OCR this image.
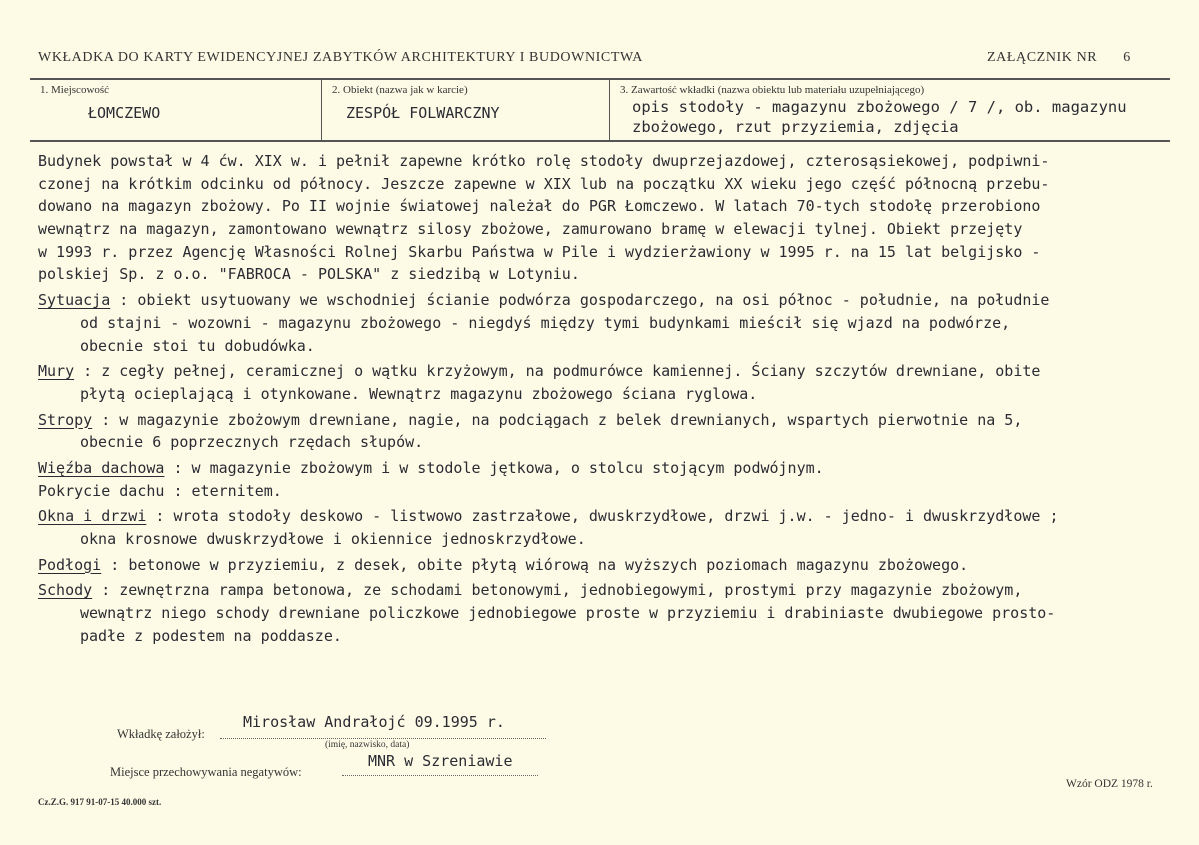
WKŁADKA DO KARTY EWIDENCYJNEJ ZABYTKÓW ARCHITEKTURY I BUDOWNICTWA	ZAŁĄCZNIK NR 6
1. Miejscowość
ŁOMCZEWO
2. Obiekt (nazwa jak w karcie)
ZESPÓŁ FOLWARCZNY
3. Zawartość wkładki (nazwa obiektu lub materiału uzupełniającego)
opis stodoły - magazynu zbożowego / 7 /, ob. magazynu
zbożowego, rzut przyziemia, zdjęcia
Budynek powstał w 4 ćw. XIX w. i pełnił zapewne krótko rolę stodoły dwuprzejazdowej, czterosąsiekowej, podpiwni-
czonej na krótkim odcinku od północy. Jeszcze zapewne w XIX lub na początku XX wieku jego część północną przebu-
dowano na magazyn zbożowy. Po II wojnie światowej należał do PGR Łomczewo. W latach 70-tych stodołę przerobiono
wewnątrz na magazyn, zamontowano wewnątrz silosy zbożowe, zamurowano bramę w elewacji tylnej. Obiekt przejęty
w 1993 r. przez Agencję Własności Rolnej Skarbu Państwa w Pile i wydzierżawiony w 1995 r. na 15 lat belgijsko -
polskiej Sp. z o.o. "FABROCA - POLSKA" z siedzibą w Lotyniu.
Sytuacja : obiekt usytuowany we wschodniej ścianie podwórza gospodarczego, na osi północ - południe, na południe
od stajni - wozowni - magazynu zbożowego - niegdyś między tymi budynkami mieścił się wjazd na podwórze,
obecnie stoi tu dobudówka.
Mury : z cegły pełnej, ceramicznej o wątku krzyżowym, na podmurówce kamiennej. Ściany szczytów drewniane, obite
płytą ocieplającą i otynkowane. Wewnątrz magazynu zbożowego ściana ryglowa.
Stropy : w magazynie zbożowym drewniane, nagie, na podciągach z belek drewnianych, wspartych pierwotnie na 5,
obecnie 6 poprzecznych rzędach słupów.
Więźba dachowa : w magazynie zbożowym i w stodole jętkowa, o stolcu stojącym podwójnym.
Pokrycie dachu : eternitem.
Okna i drzwi : wrota stodoły deskowo - listwowo zastrzałowe, dwuskrzydłowe, drzwi j.w. - jedno- i dwuskrzydłowe ;
okna krosnowe dwuskrzydłowe i okiennice jednoskrzydłowe.
Podłogi : betonowe w przyziemiu, z desek, obite płytą wiórową na wyższych poziomach magazynu zbożowego.
Schody : zewnętrzna rampa betonowa, ze schodami betonowymi, jednobiegowymi, prostymi przy magazynie zbożowym,
wewnątrz niego schody drewniane policzkowe jednobiegowe proste w przyziemiu i drabiniaste dwubiegowe prosto-
padłe z podestem na poddasze.
Wkładkę założył:
Mirosław Andrałojć 09.1995 r.
(imię, nazwisko, data)
Miejsce przechowywania negatywów:
MNR w Szreniawie
Wzór ODZ 1978 r.
Cz.Z.G. 917 91-07-15 40.000 szt.
